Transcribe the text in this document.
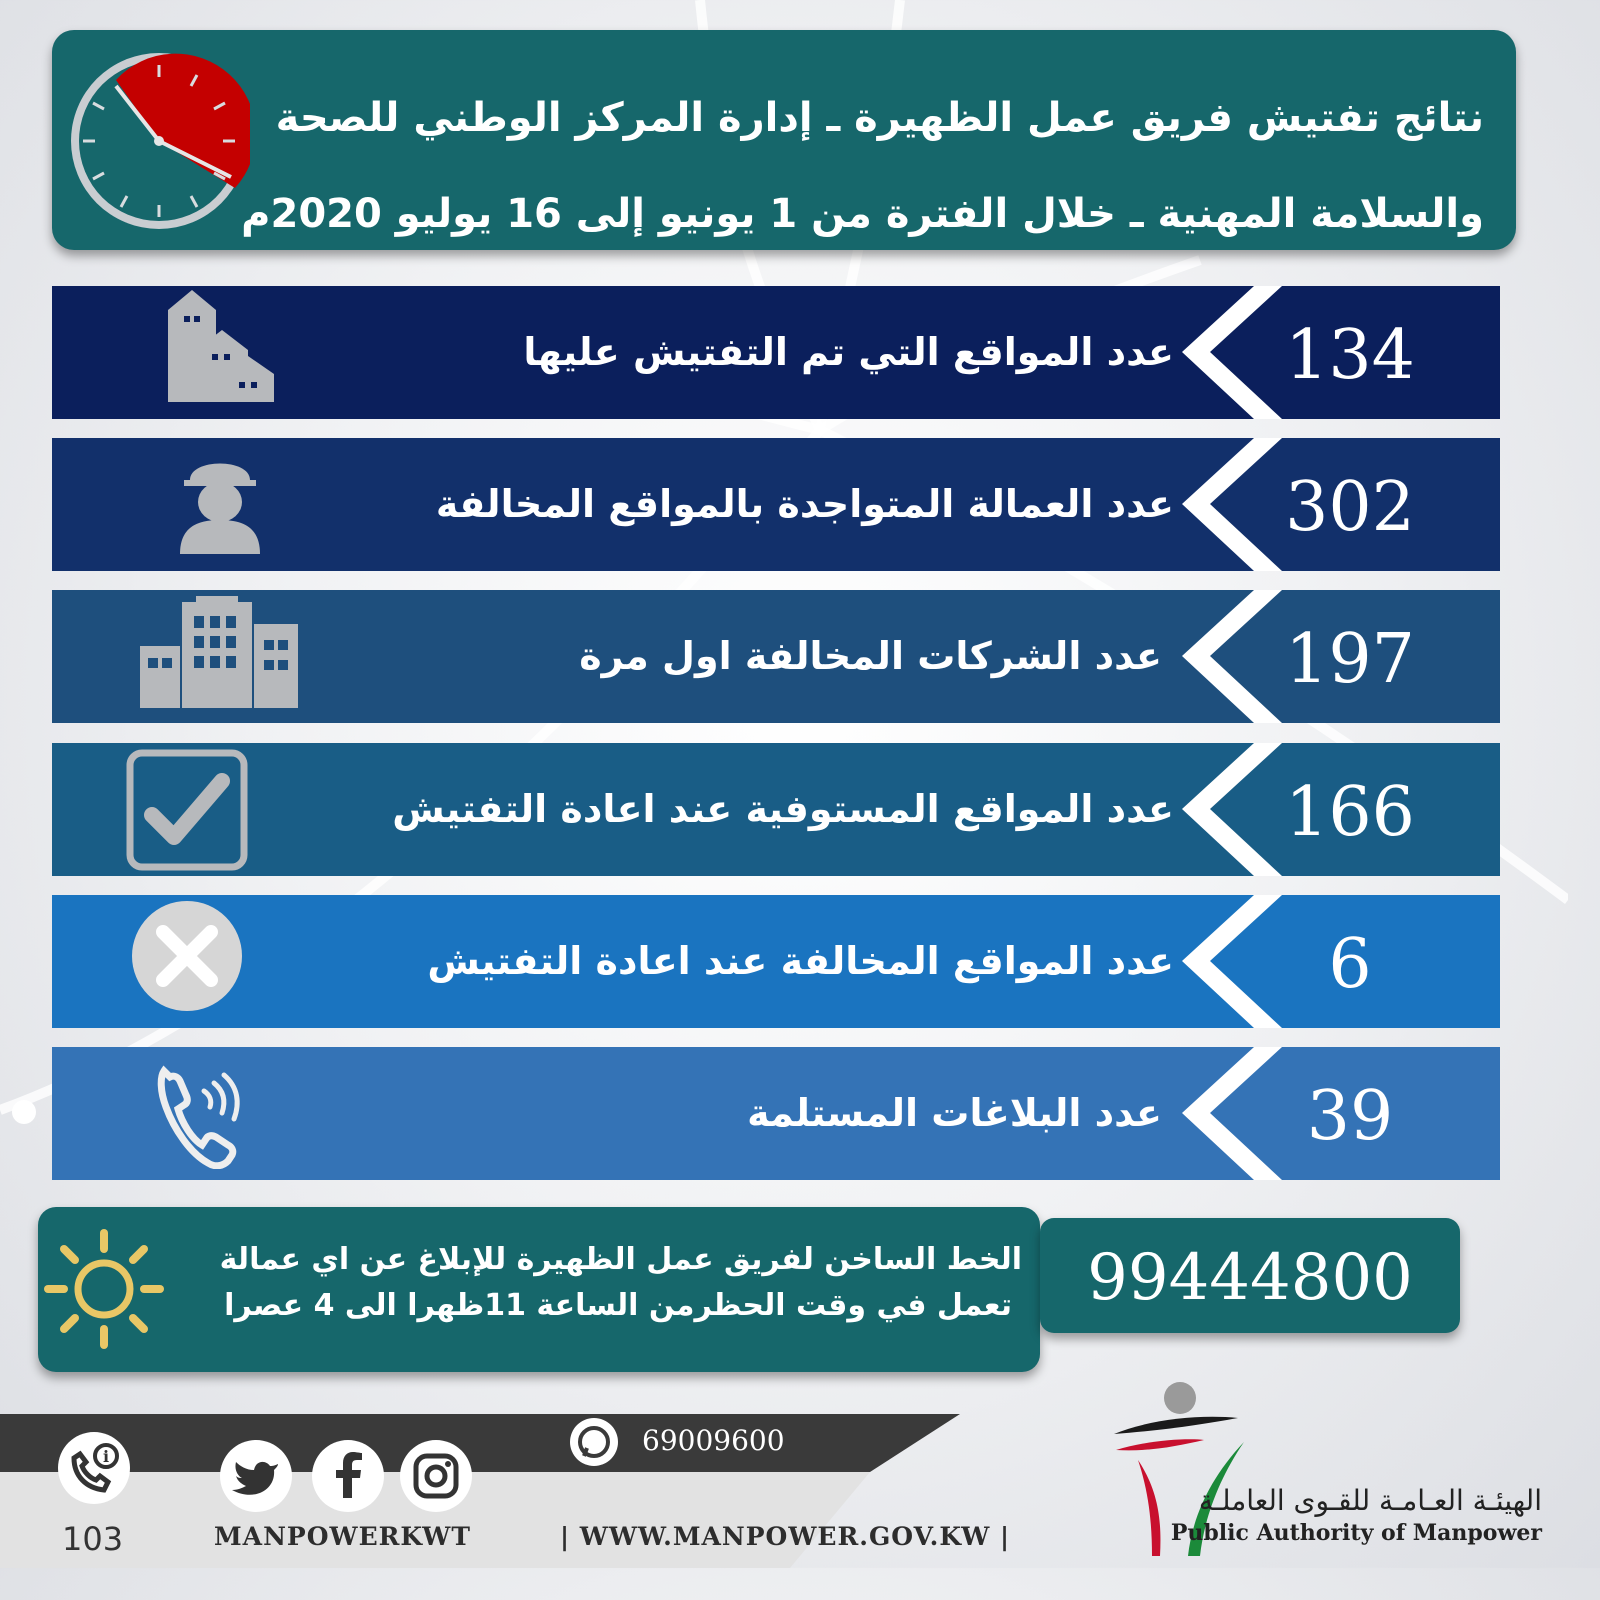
نتائج تفتيش فريق عمل الظهيرة ـ إدارة المركز الوطني للصحة
والسلامة المهنية ـ خلال الفترة من 1 يونيو إلى 16 يوليو 2020م
عدد المواقع التي تم التفتيش عليها	134
عدد العمالة المتواجدة بالمواقع المخالفة	302
عدد الشركات المخالفة اول مرة	197
عدد المواقع المستوفية عند اعادة التفتيش	166
عدد المواقع المخالفة عند اعادة التفتيش	6
عدد البلاغات المستلمة	39
الخط الساخن لفريق عمل الظهيرة للإبلاغ عن اي عمالة
تعمل في وقت الحظرمن الساعة 11ظهرا الى 4 عصرا	99444800
69009600
i
103	MANPOWERKWT	| WWW.MANPOWER.GOV.KW |
الهيئـة العـامـة للقـوى العاملـة
Public Authority of Manpower
